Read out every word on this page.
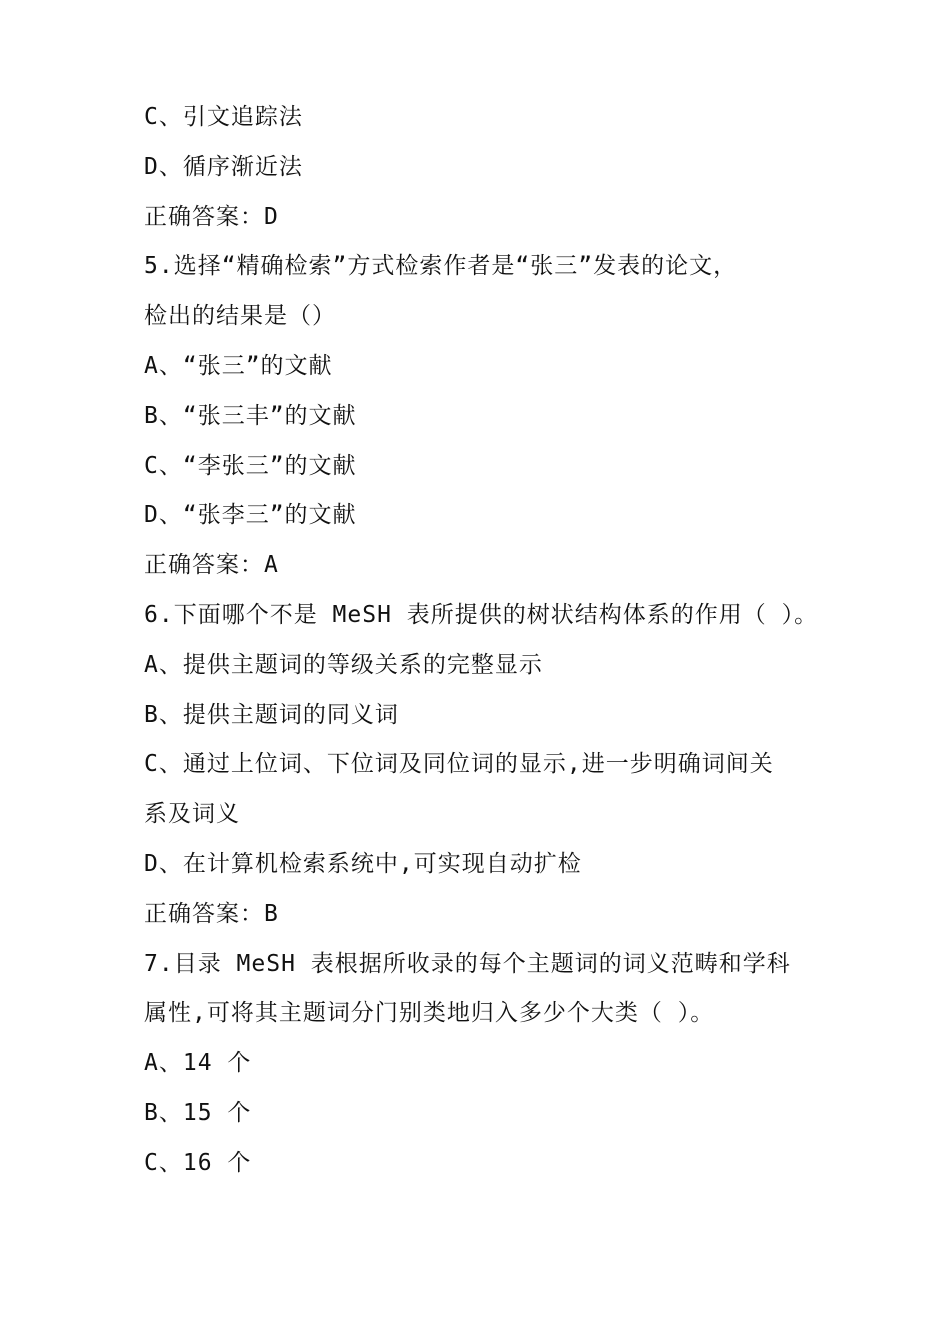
C、引文追踪法
D、循序渐近法
正确答案：D
5.选择“精确检索”方式检索作者是“张三”发表的论文，
检出的结果是（）
A、“张三”的文献
B、“张三丰”的文献
C、“李张三”的文献
D、“张李三”的文献
正确答案：A
6.下面哪个不是 MeSH 表所提供的树状结构体系的作用（ ）。
A、提供主题词的等级关系的完整显示
B、提供主题词的同义词
C、通过上位词、下位词及同位词的显示,进一步明确词间关
系及词义
D、在计算机检索系统中,可实现自动扩检
正确答案：B
7.目录 MeSH 表根据所收录的每个主题词的词义范畴和学科
属性,可将其主题词分门别类地归入多少个大类（ ）。
A、14 个
B、15 个
C、16 个
